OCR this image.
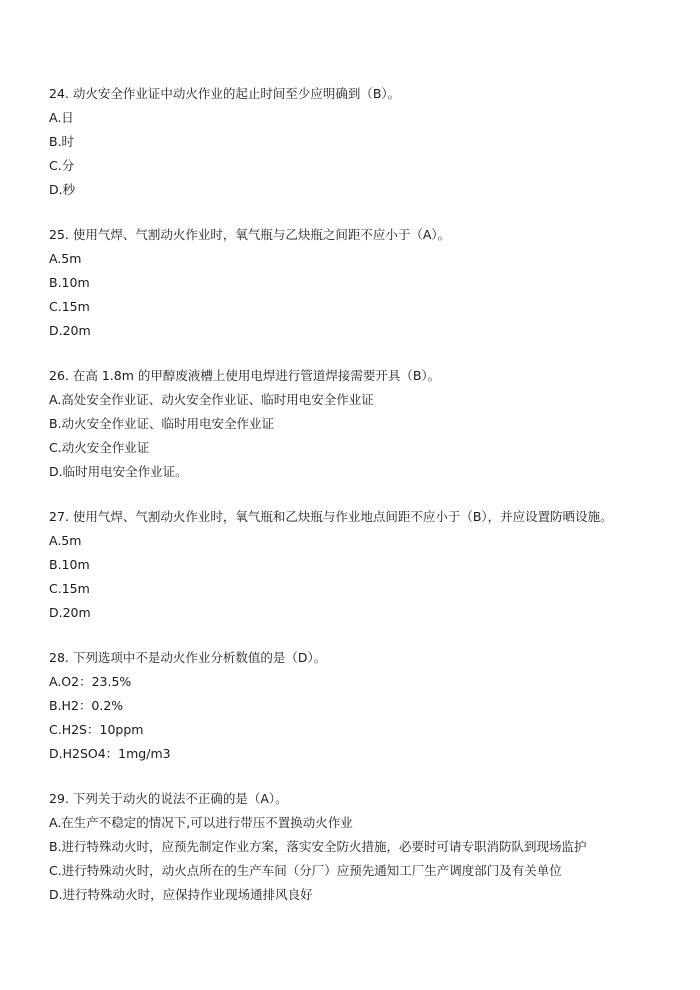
24. 动火安全作业证中动火作业的起止时间至少应明确到（B）。
A.日
B.时
C.分
D.秒
25. 使用气焊、气割动火作业时，氧气瓶与乙炔瓶之间距不应小于（A）。
A.5m
B.10m
C.15m
D.20m
26. 在高 1.8m 的甲醇废液槽上使用电焊进行管道焊接需要开具（B）。
A.高处安全作业证、动火安全作业证、临时用电安全作业证
B.动火安全作业证、临时用电安全作业证
C.动火安全作业证
D.临时用电安全作业证。
27. 使用气焊、气割动火作业时，氧气瓶和乙炔瓶与作业地点间距不应小于（B），并应设置防晒设施。
A.5m
B.10m
C.15m
D.20m
28. 下列选项中不是动火作业分析数值的是（D）。
A.O2：23.5%
B.H2：0.2%
C.H2S：10ppm
D.H2SO4：1mg/m3
29. 下列关于动火的说法不正确的是（A）。
A.在生产不稳定的情况下,可以进行带压不置换动火作业
B.进行特殊动火时，应预先制定作业方案，落实安全防火措施，必要时可请专职消防队到现场监护
C.进行特殊动火时，动火点所在的生产车间（分厂）应预先通知工厂生产调度部门及有关单位
D.进行特殊动火时，应保持作业现场通排风良好
